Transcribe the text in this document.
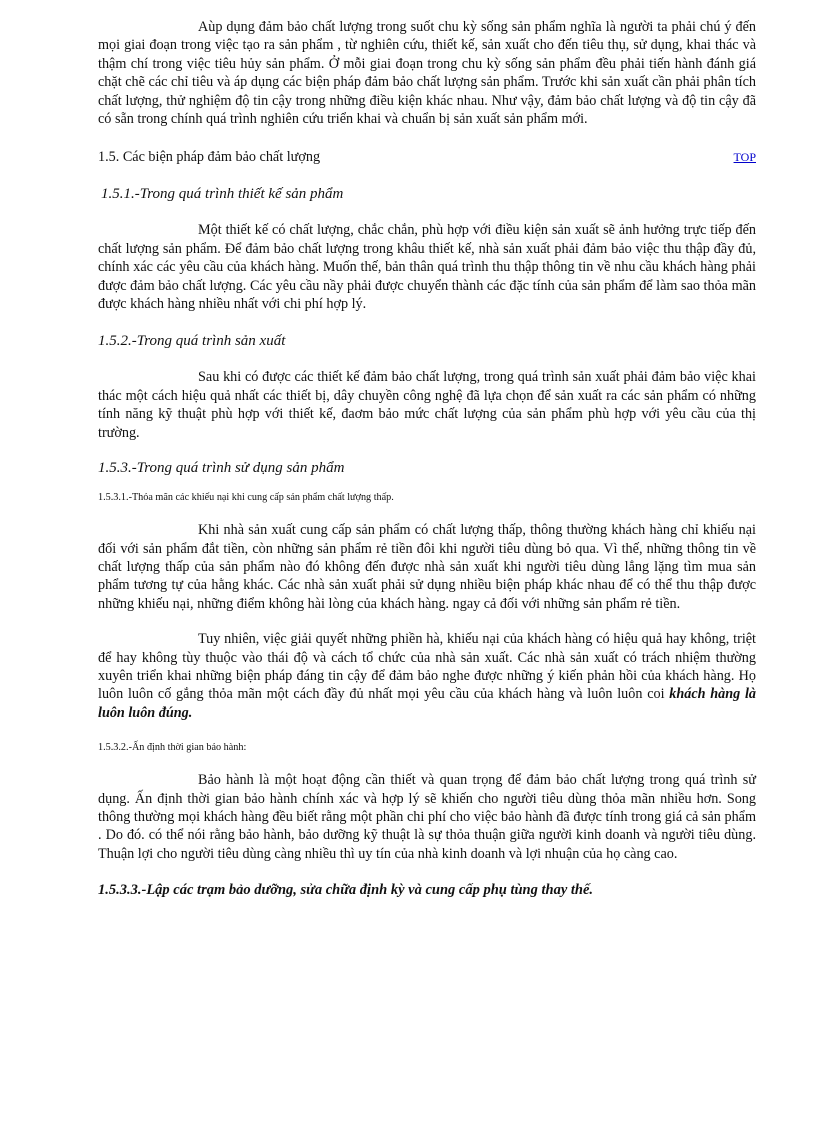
Aùp dụng đảm bảo chất lượng trong suốt chu kỳ sống sản phẩm nghĩa là người ta phải chú ý đến mọi giai đoạn trong việc tạo ra sản phẩm , từ nghiên cứu, thiết kế, sản xuất cho đến tiêu thụ, sử dụng, khai thác và thậm chí trong việc tiêu hủy sản phẩm. Ở mỗi giai đoạn trong chu kỳ sống sản phẩm đều phải tiến hành đánh giá chặt chẽ các chỉ tiêu và áp dụng các biện pháp đảm bảo chất lượng sản phẩm. Trước khi sản xuất cần phải phân tích chất lượng, thử nghiệm độ tin cậy trong những điều kiện khác nhau. Như vậy, đảm bảo chất lượng và độ tin cậy đã có sẵn trong chính quá trình nghiên cứu triển khai và chuẩn bị sản xuất sản phẩm mới.

1.5. Các biện pháp đảm bảo chất lượng	TOP

1.5.1.-Trong quá trình thiết kế sản phẩm

Một thiết kế có chất lượng, chắc chắn, phù hợp với điều kiện sản xuất sẽ ảnh hưởng trực tiếp đến chất lượng sản phẩm. Để đảm bảo chất lượng trong khâu thiết kế, nhà sản xuất phải đảm bảo việc thu thập đầy đủ, chính xác các yêu cầu của khách hàng. Muốn thế, bản thân quá trình thu thập thông tin về nhu cầu khách hàng phải được đảm bảo chất lượng. Các yêu cầu nầy phải được chuyển thành các đặc tính của sản phẩm để làm sao thỏa mãn được khách hàng nhiều nhất với chi phí hợp lý.

1.5.2.-Trong quá trình sản xuất

Sau khi có được các thiết kế đảm bảo chất lượng, trong quá trình sản xuất phải đảm bảo việc khai thác một cách hiệu quả nhất các thiết bị, dây chuyền công nghệ đã lựa chọn để sản xuất ra các sản phẩm có những tính năng kỹ thuật phù hợp với thiết kế, đaơm bảo mức chất lượng của sản phẩm phù hợp với yêu cầu của thị trường.

1.5.3.-Trong quá trình sử dụng sản phẩm

1.5.3.1.-Thỏa mãn các khiếu nại khi cung cấp sản phẩm chất lượng thấp.

Khi nhà sản xuất cung cấp sản phẩm có chất lượng thấp, thông thường khách hàng chỉ khiếu nại đối với sản phẩm đắt tiền, còn những sản phẩm rẻ tiền đôi khi người tiêu dùng bỏ qua. Vì thế, những thông tin về chất lượng thấp của sản phẩm nào đó không đến được nhà sản xuất khi người tiêu dùng lẳng lặng tìm mua sản phẩm tương tự của hằng khác. Các nhà sản xuất phải sử dụng nhiều biện pháp khác nhau để có thể thu thập được những khiếu nại, những điểm không hài lòng của khách hàng. ngay cả đối với những sản phẩm rẻ tiền.

Tuy nhiên, việc giải quyết những phiền hà, khiếu nại của khách hàng có hiệu quả hay không, triệt để hay không tùy thuộc vào thái độ và cách tổ chức của nhà sản xuất. Các nhà sản xuất có trách nhiệm thường xuyên triển khai những biện pháp đáng tin cậy để đảm bảo nghe được những ý kiến phản hồi của khách hàng. Họ luôn luôn cố gắng thỏa mãn một cách đầy đủ nhất mọi yêu cầu của khách hàng và luôn luôn coi khách hàng là luôn luôn đúng.

1.5.3.2.-Ấn định thời gian bảo hành:

Bảo hành là một hoạt động cần thiết và quan trọng để đảm bảo chất lượng trong quá trình sử dụng. Ấn định thời gian bảo hành chính xác và hợp lý sẽ khiến cho người tiêu dùng thỏa mãn nhiều hơn. Song thông thường mọi khách hàng đều biết rằng một phần chi phí cho việc bảo hành đã được tính trong giá cả sản phẩm . Do đó. có thể nói rằng bảo hành, bảo dưỡng kỹ thuật là sự thỏa thuận giữa người kinh doanh và người tiêu dùng. Thuận lợi cho người tiêu dùng càng nhiều thì uy tín của nhà kinh doanh và lợi nhuận của họ càng cao.

1.5.3.3.-Lập các trạm bảo dưỡng, sửa chữa định kỳ và cung cấp phụ tùng thay thế.
